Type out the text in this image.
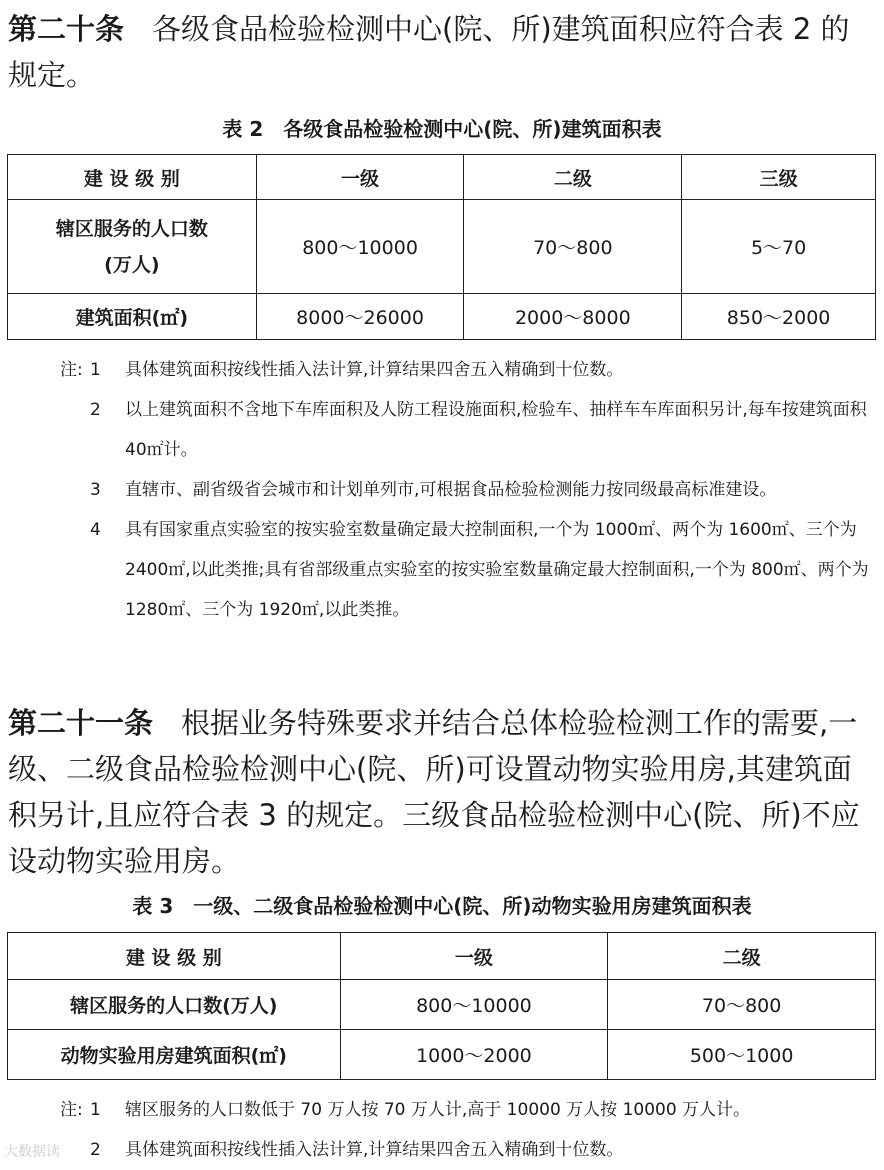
第二十条 各级食品检验检测中心(院、所)建筑面积应符合表 2 的规定。

表 2　各级食品检验检测中心(院、所)建筑面积表

建 设 级 别	一级	二级	三级

辖区服务的人口数
(万人)	800～10000	70～800	5～70
建筑面积(㎡)	8000～26000	2000～8000	850～2000
注: 1 具体建筑面积按线性插入法计算,计算结果四舍五入精确到十位数。
2 以上建筑面积不含地下车库面积及人防工程设施面积,检验车、抽样车车库面积另计,每车按建筑面积 40㎡计。
3 直辖市、副省级省会城市和计划单列市,可根据食品检验检测能力按同级最高标准建设。
4 具有国家重点实验室的按实验室数量确定最大控制面积,一个为 1000㎡、两个为 1600㎡、三个为 2400㎡,以此类推;具有省部级重点实验室的按实验室数量确定最大控制面积,一个为 800㎡、两个为 1280㎡、三个为 1920㎡,以此类推。

第二十一条 根据业务特殊要求并结合总体检验检测工作的需要,一级、二级食品检验检测中心(院、所)可设置动物实验用房,其建筑面积另计,且应符合表 3 的规定。三级食品检验检测中心(院、所)不应设动物实验用房。

表 3　一级、二级食品检验检测中心(院、所)动物实验用房建筑面积表

建 设 级 别	一级	二级
辖区服务的人口数(万人)	800～10000	70～800
动物实验用房建筑面积(㎡)	1000～2000	500～1000
注: 1 辖区服务的人口数低于 70 万人按 70 万人计,高于 10000 万人按 10000 万人计。
2 具体建筑面积按线性插入法计算,计算结果四舍五入精确到十位数。
大数据读
